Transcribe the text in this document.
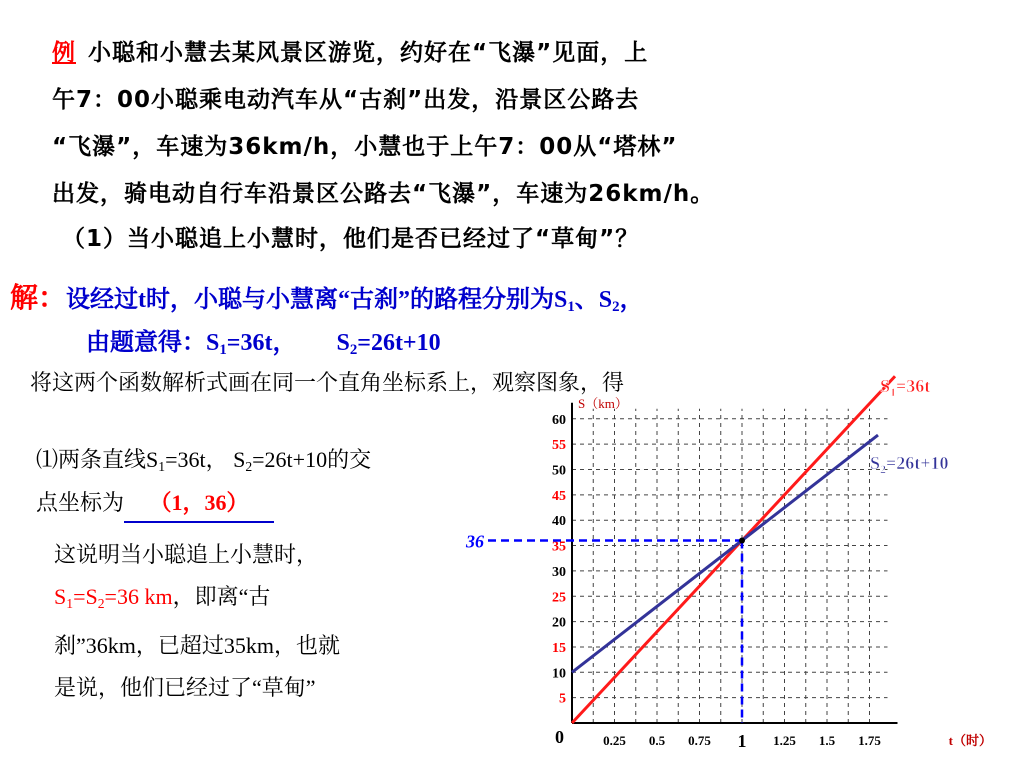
例 小聪和小慧去某风景区游览，约好在“飞瀑”见面，上
午7：00小聪乘电动汽车从“古刹”出发，沿景区公路去
“飞瀑”，车速为36km/h，小慧也于上午7：00从“塔林”
出发，骑电动自行车沿景区公路去“飞瀑”，车速为26km/h。
（1）当小聪追上小慧时，他们是否已经过了“草甸”？
解：设经过t时，小聪与小慧离“古刹”的路程分别为$S_1$、$S_2$，
由题意得：$S_1=36t$， $S_2=26t+10$
将这两个函数解析式画在同一个直角坐标系上，观察图象，得
⑴两条直线$S_1=36t$， $S_2=26t+10$的交
点坐标为 （1，36）
这说明当小聪追上小慧时，
$S_1=S_2=36$ km，即离“古
刹”36km，已超过35km，也就
是说，他们已经过了“草甸”	5
10
15
20
25
30
35
40
45
50
55
60
0.25 0.5 0.75 1 1.25 1.5 1.75
0
S（km）
t（时）
$S_1=36t$
$S_2=26t+10$
36
